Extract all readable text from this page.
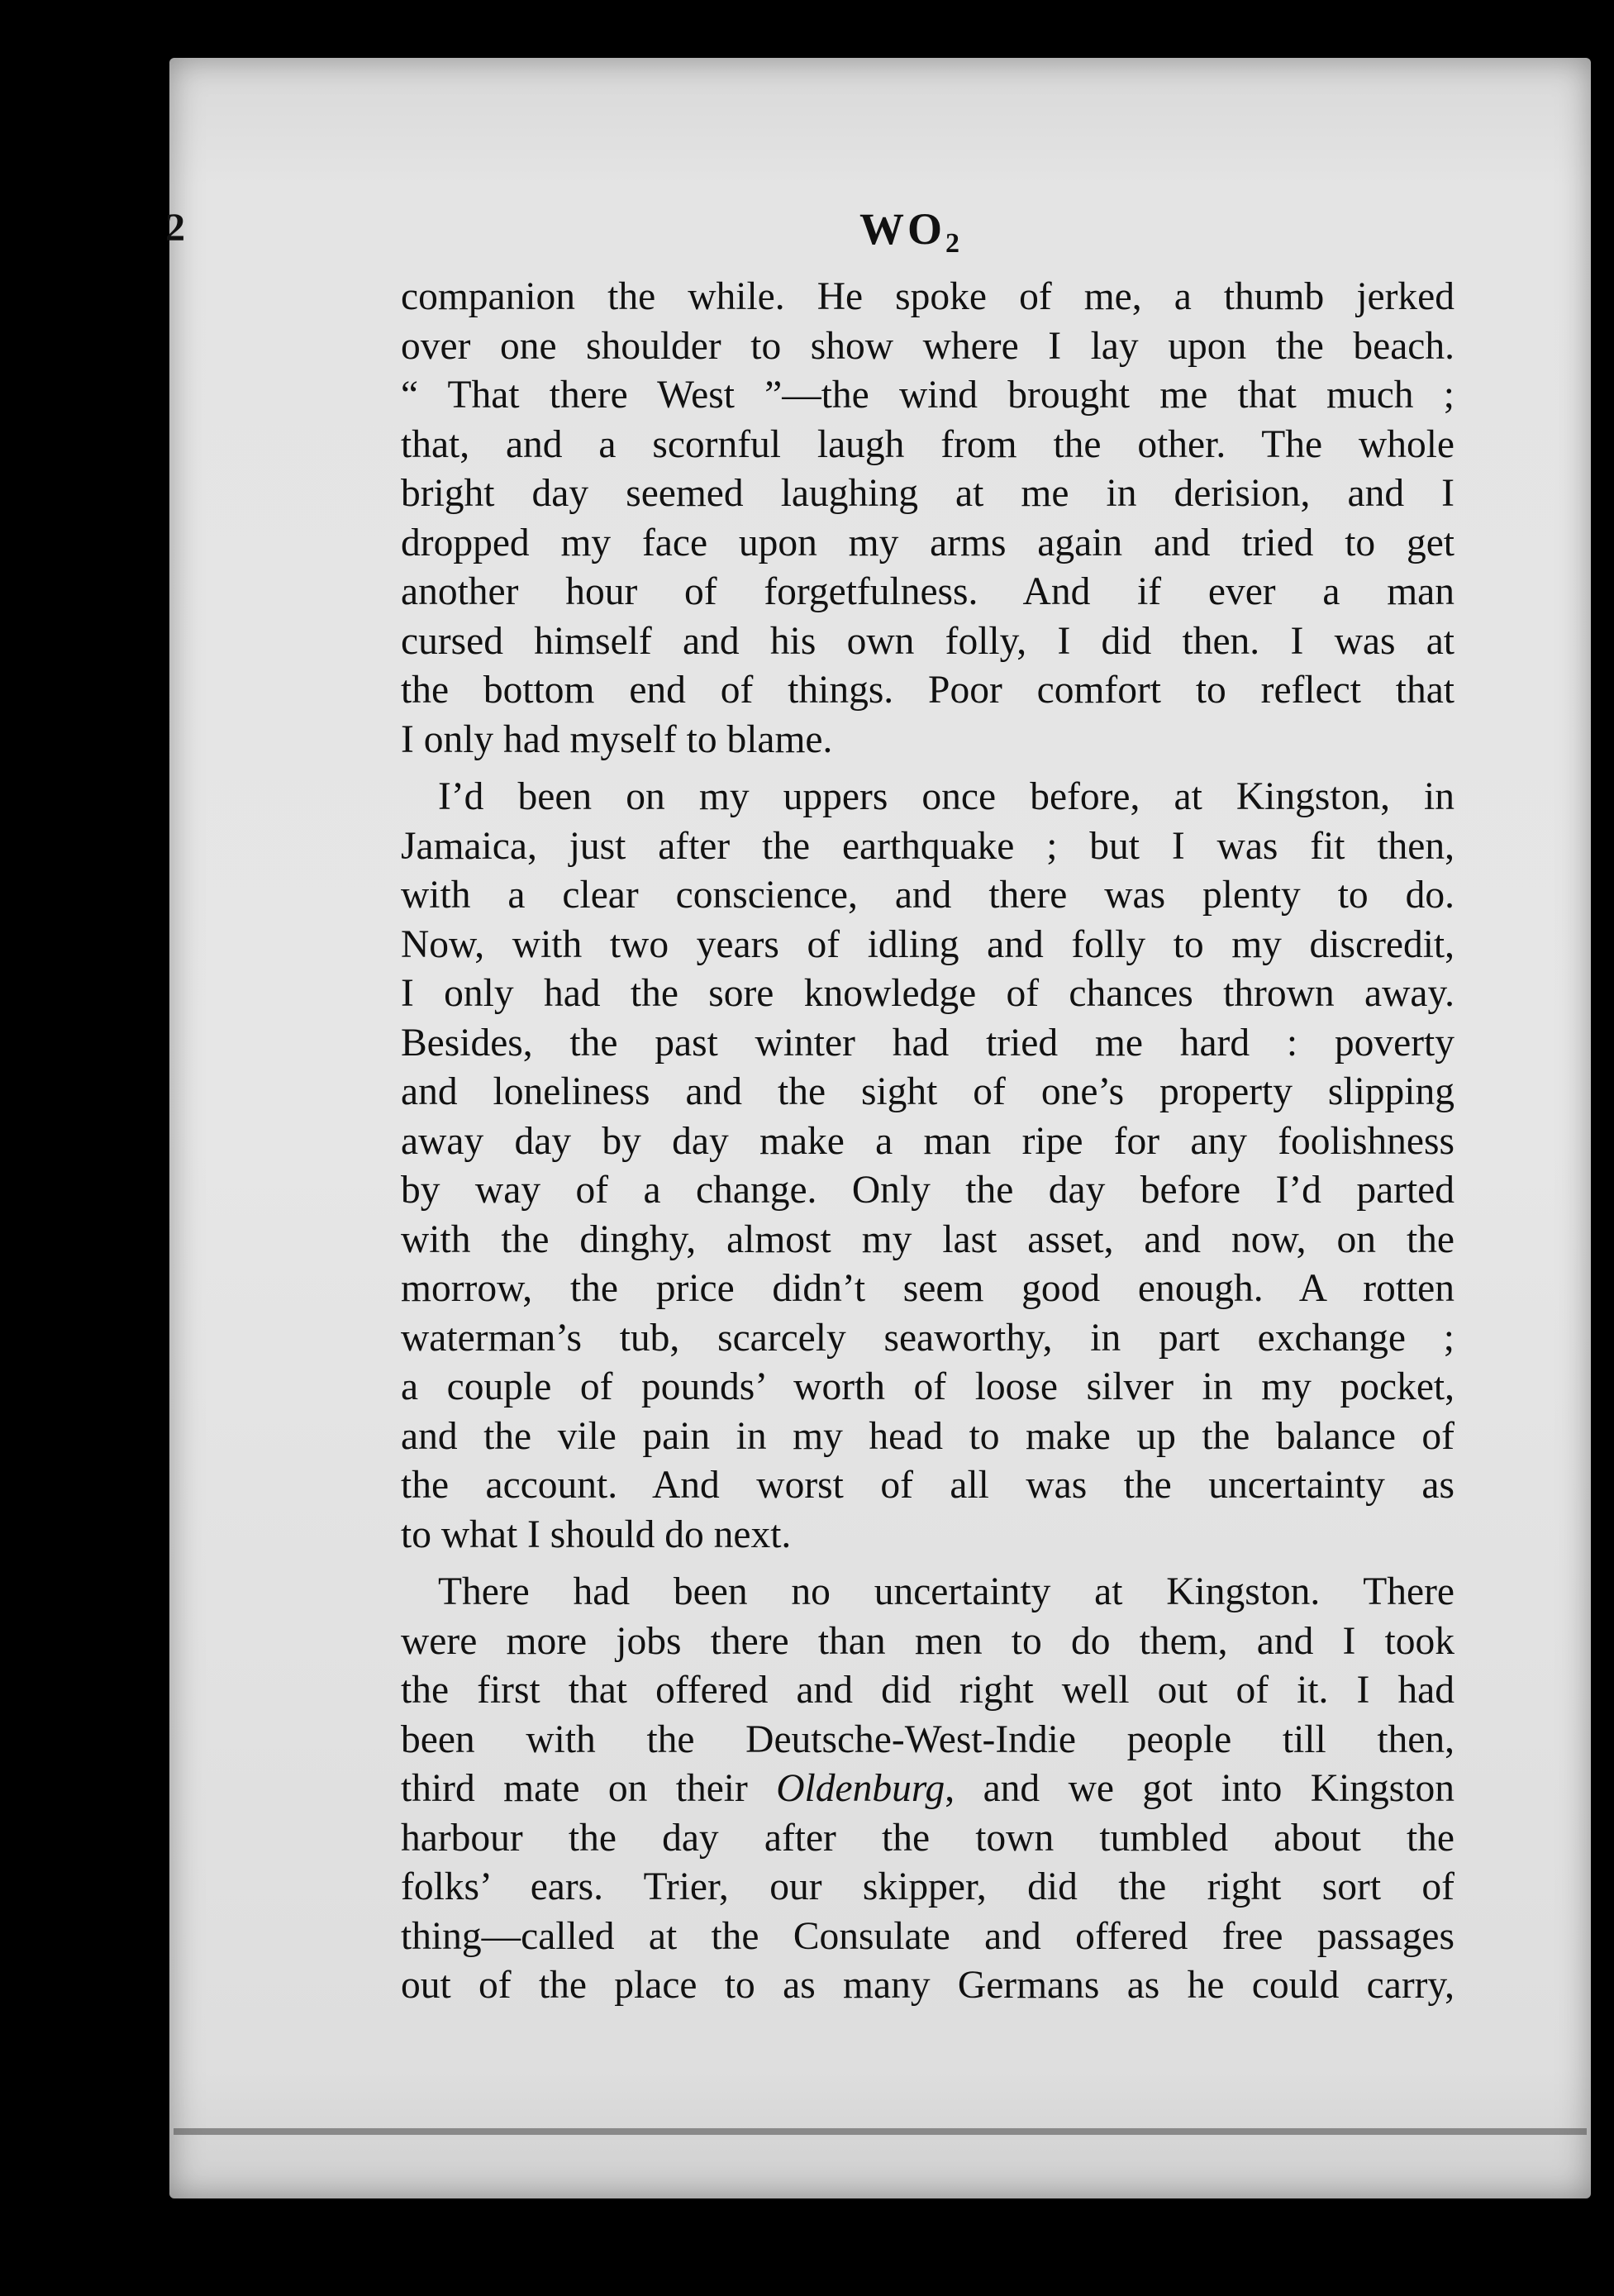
2	$WO_2$
companion the while. He spoke of me, a thumb jerked
over one shoulder to show where I lay upon the beach.
“ That there West ”—the wind brought me that much ;
that, and a scornful laugh from the other. The whole
bright day seemed laughing at me in derision, and I
dropped my face upon my arms again and tried to get
another hour of forgetfulness. And if ever a man
cursed himself and his own folly, I did then. I was at
the bottom end of things. Poor comfort to reflect that
I only had myself to blame.
I’d been on my uppers once before, at Kingston, in
Jamaica, just after the earthquake ; but I was fit then,
with a clear conscience, and there was plenty to do.
Now, with two years of idling and folly to my discredit,
I only had the sore knowledge of chances thrown away.
Besides, the past winter had tried me hard : poverty
and loneliness and the sight of one’s property slipping
away day by day make a man ripe for any foolishness
by way of a change. Only the day before I’d parted
with the dinghy, almost my last asset, and now, on the
morrow, the price didn’t seem good enough. A rotten
waterman’s tub, scarcely seaworthy, in part exchange ;
a couple of pounds’ worth of loose silver in my pocket,
and the vile pain in my head to make up the balance of
the account. And worst of all was the uncertainty as
to what I should do next.
There had been no uncertainty at Kingston. There
were more jobs there than men to do them, and I took
the first that offered and did right well out of it. I had
been with the Deutsche-West-Indie people till then,
third mate on their Oldenburg, and we got into Kingston
harbour the day after the town tumbled about the
folks’ ears. Trier, our skipper, did the right sort of
thing—called at the Consulate and offered free passages
out of the place to as many Germans as he could carry,
